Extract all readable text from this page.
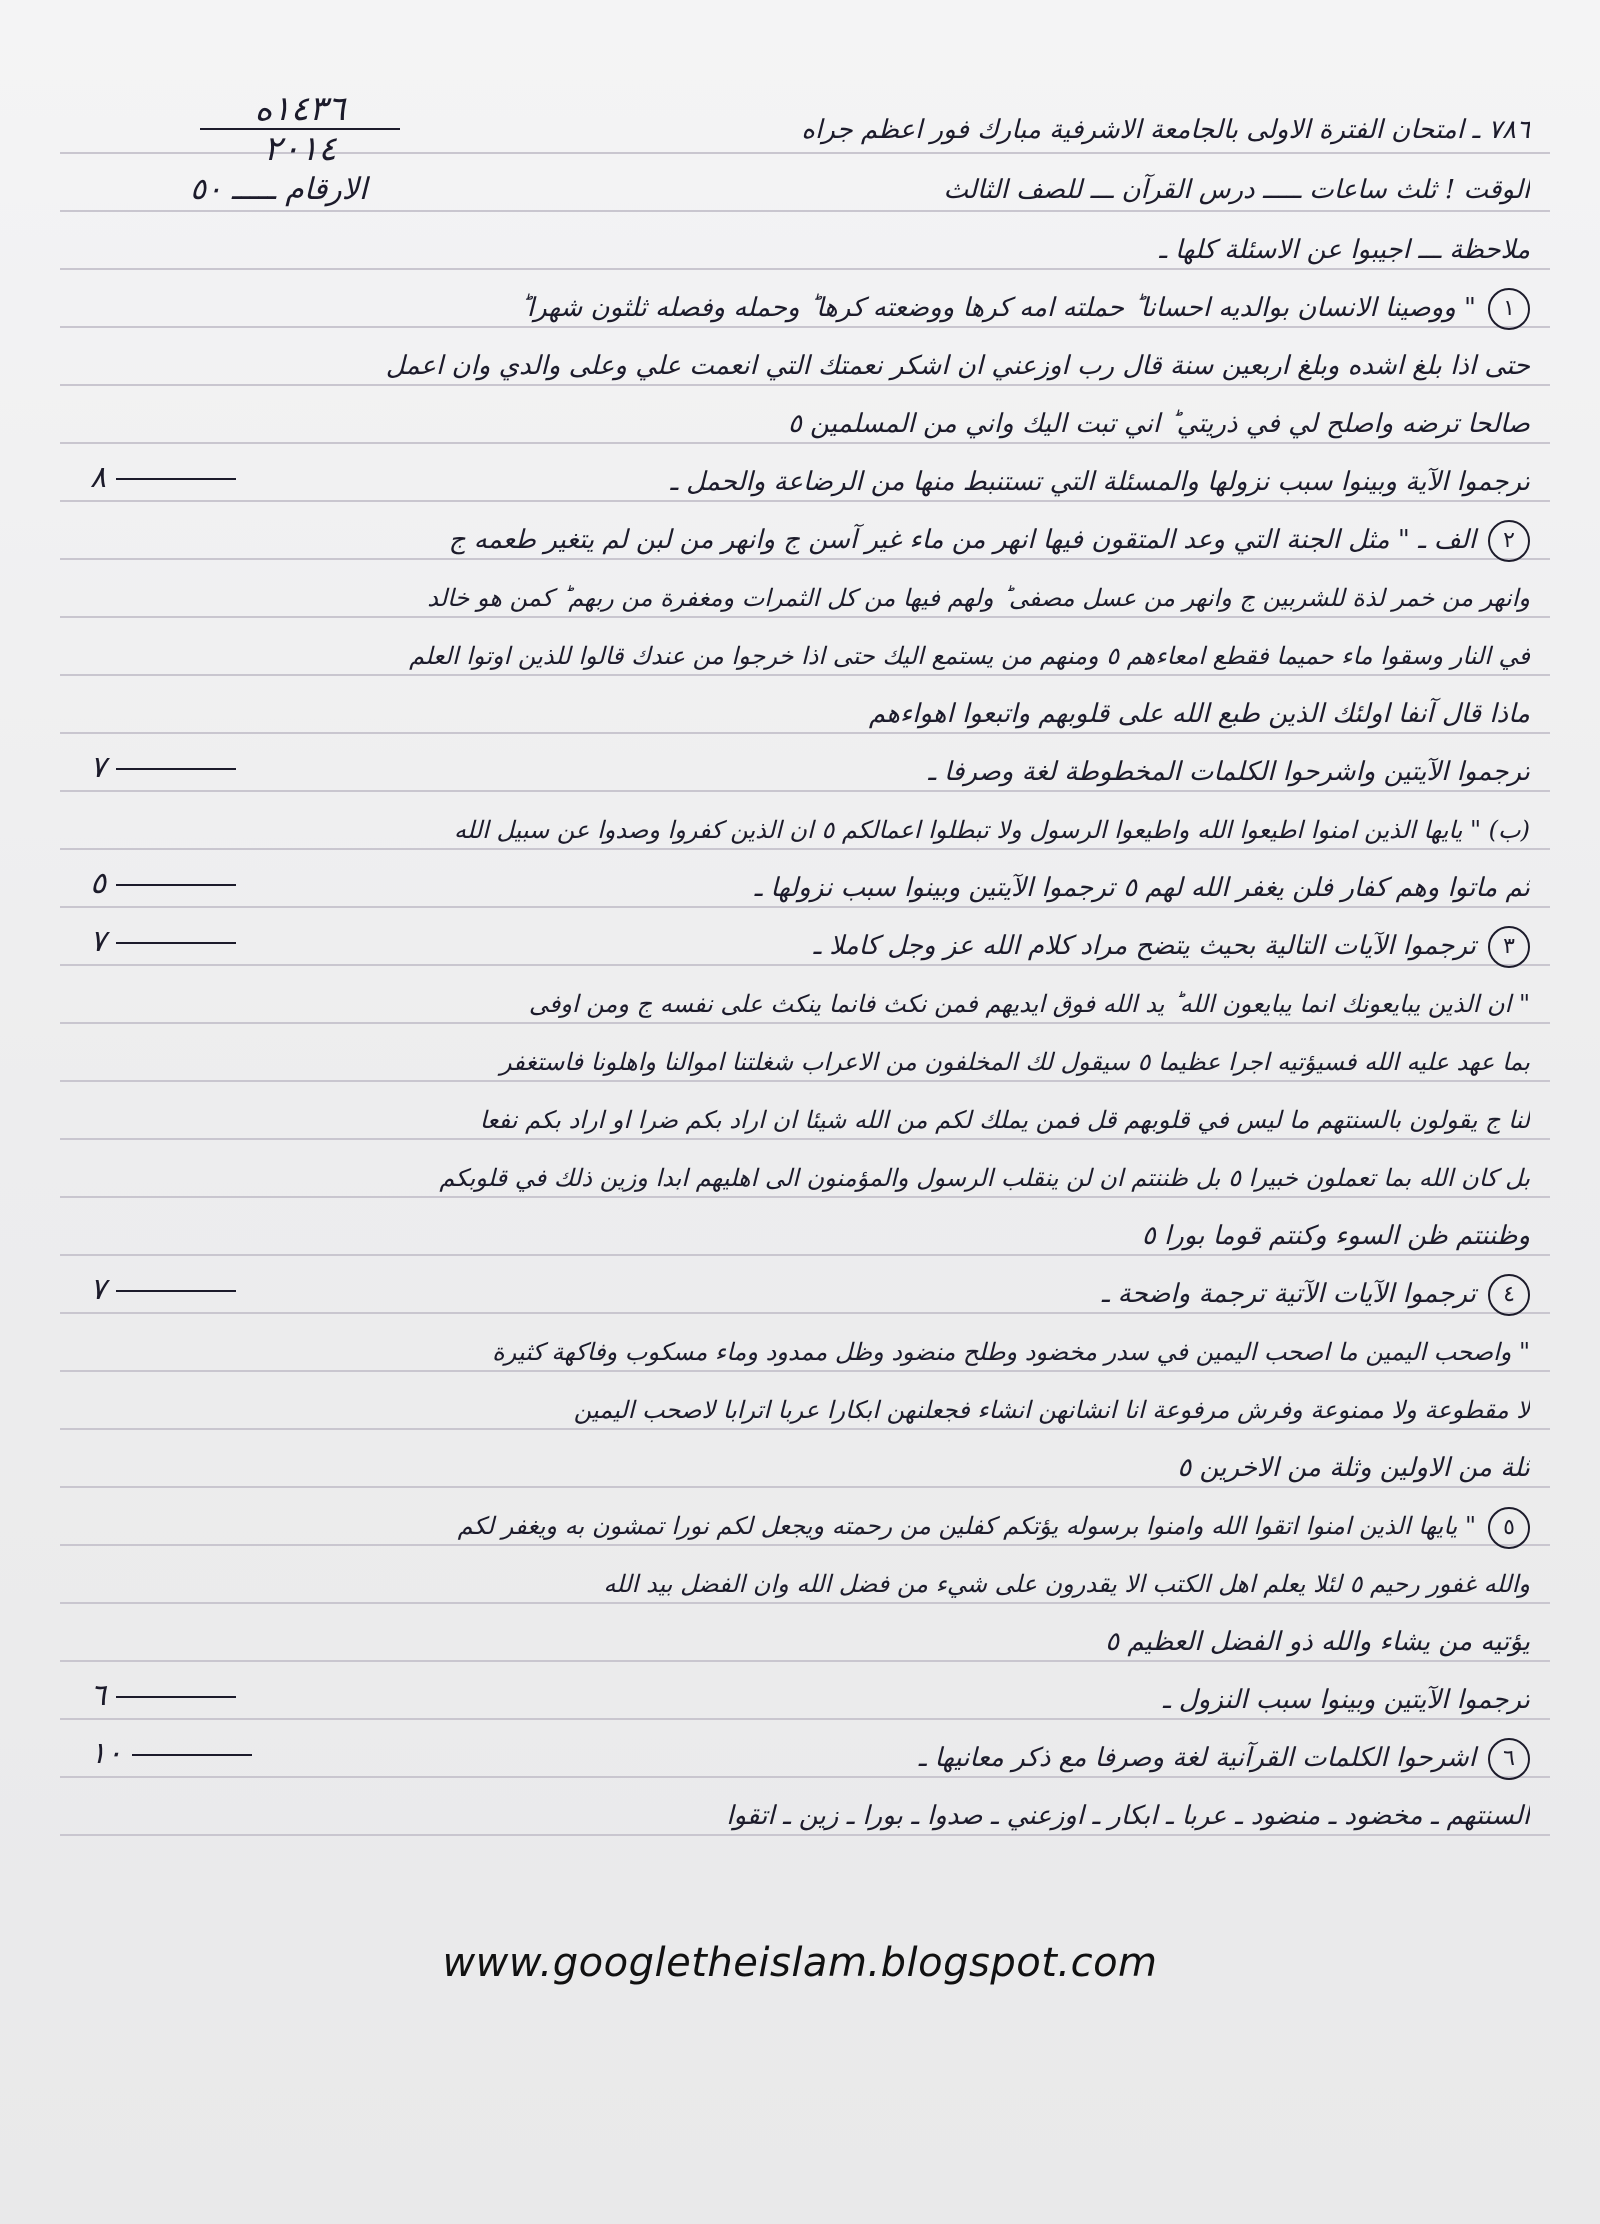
٧٨٦ ـ امتحان الفترة الاولى بالجامعة الاشرفية مبارك فور اعظم جراه
١٤٣٦ه
٢٠١٤
الوقت ! ثلث ساعات ـــــ درس القرآن ـــ للصف الثالث
الارقام ـــــ ٥٠
ملاحظة ـــ اجيبوا عن الاسئلة كلها ـ
١" ووصينا الانسان بوالديه احسانا ؕ حملته امه كرها ووضعته كرها ؕ وحمله وفصله ثلثون شهرا ؕ
حتى اذا بلغ اشده وبلغ اربعين سنة قال رب اوزعني ان اشكر نعمتك التي انعمت علي وعلى والدي وان اعمل
صالحا ترضه واصلح لي في ذريتي ؕ اني تبت اليك واني من المسلمين ٥
ترجموا الآية وبينوا سبب نزولها والمسئلة التي تستنبط منها من الرضاعة والحمل ـ
٨
٢الف ـ " مثل الجنة التي وعد المتقون فيها انهر من ماء غير آسن ج وانهر من لبن لم يتغير طعمه ج
وانهر من خمر لذة للشربين ج وانهر من عسل مصفى ؕ ولهم فيها من كل الثمرات ومغفرة من ربهم ؕ كمن هو خالد
في النار وسقوا ماء حميما فقطع امعاءهم ٥ ومنهم من يستمع اليك حتى اذا خرجوا من عندك قالوا للذين اوتوا العلم
ماذا قال آنفا اولئك الذين طبع الله على قلوبهم واتبعوا اهواءهم
ترجموا الآيتين واشرحوا الكلمات المخطوطة لغة وصرفا ـ
٧
(ب) " يايها الذين امنوا اطيعوا الله واطيعوا الرسول ولا تبطلوا اعمالكم ٥ ان الذين كفروا وصدوا عن سبيل الله
ثم ماتوا وهم كفار فلن يغفر الله لهم ٥ ترجموا الآيتين وبينوا سبب نزولها ـ
٥
٣ترجموا الآيات التالية بحيث يتضح مراد كلام الله عز وجل كاملا ـ
٧
" ان الذين يبايعونك انما يبايعون الله ؕ يد الله فوق ايديهم فمن نكث فانما ينكث على نفسه ج ومن اوفى
بما عهد عليه الله فسيؤتيه اجرا عظيما ٥ سيقول لك المخلفون من الاعراب شغلتنا اموالنا واهلونا فاستغفر
لنا ج يقولون بالسنتهم ما ليس في قلوبهم قل فمن يملك لكم من الله شيئا ان اراد بكم ضرا او اراد بكم نفعا
بل كان الله بما تعملون خبيرا ٥ بل ظننتم ان لن ينقلب الرسول والمؤمنون الى اهليهم ابدا وزين ذلك في قلوبكم
وظننتم ظن السوء وكنتم قوما بورا ٥
٤ترجموا الآيات الآتية ترجمة واضحة ـ
٧
" واصحب اليمين ما اصحب اليمين في سدر مخضود وطلح منضود وظل ممدود وماء مسكوب وفاكهة كثيرة
لا مقطوعة ولا ممنوعة وفرش مرفوعة انا انشانهن انشاء فجعلنهن ابكارا عربا اترابا لاصحب اليمين
ثلة من الاولين وثلة من الاخرين ٥
٥" يايها الذين امنوا اتقوا الله وامنوا برسوله يؤتكم كفلين من رحمته ويجعل لكم نورا تمشون به ويغفر لكم
والله غفور رحيم ٥ لئلا يعلم اهل الكتب الا يقدرون على شيء من فضل الله وان الفضل بيد الله
يؤتيه من يشاء والله ذو الفضل العظيم ٥
ترجموا الآيتين وبينوا سبب النزول ـ
٦
٦اشرحوا الكلمات القرآنية لغة وصرفا مع ذكر معانيها ـ
١٠
السنتهم ـ مخضود ـ منضود ـ عربا ـ ابكار ـ اوزعني ـ صدوا ـ بورا ـ زين ـ اتقوا
www.googletheislam.blogspot.com
